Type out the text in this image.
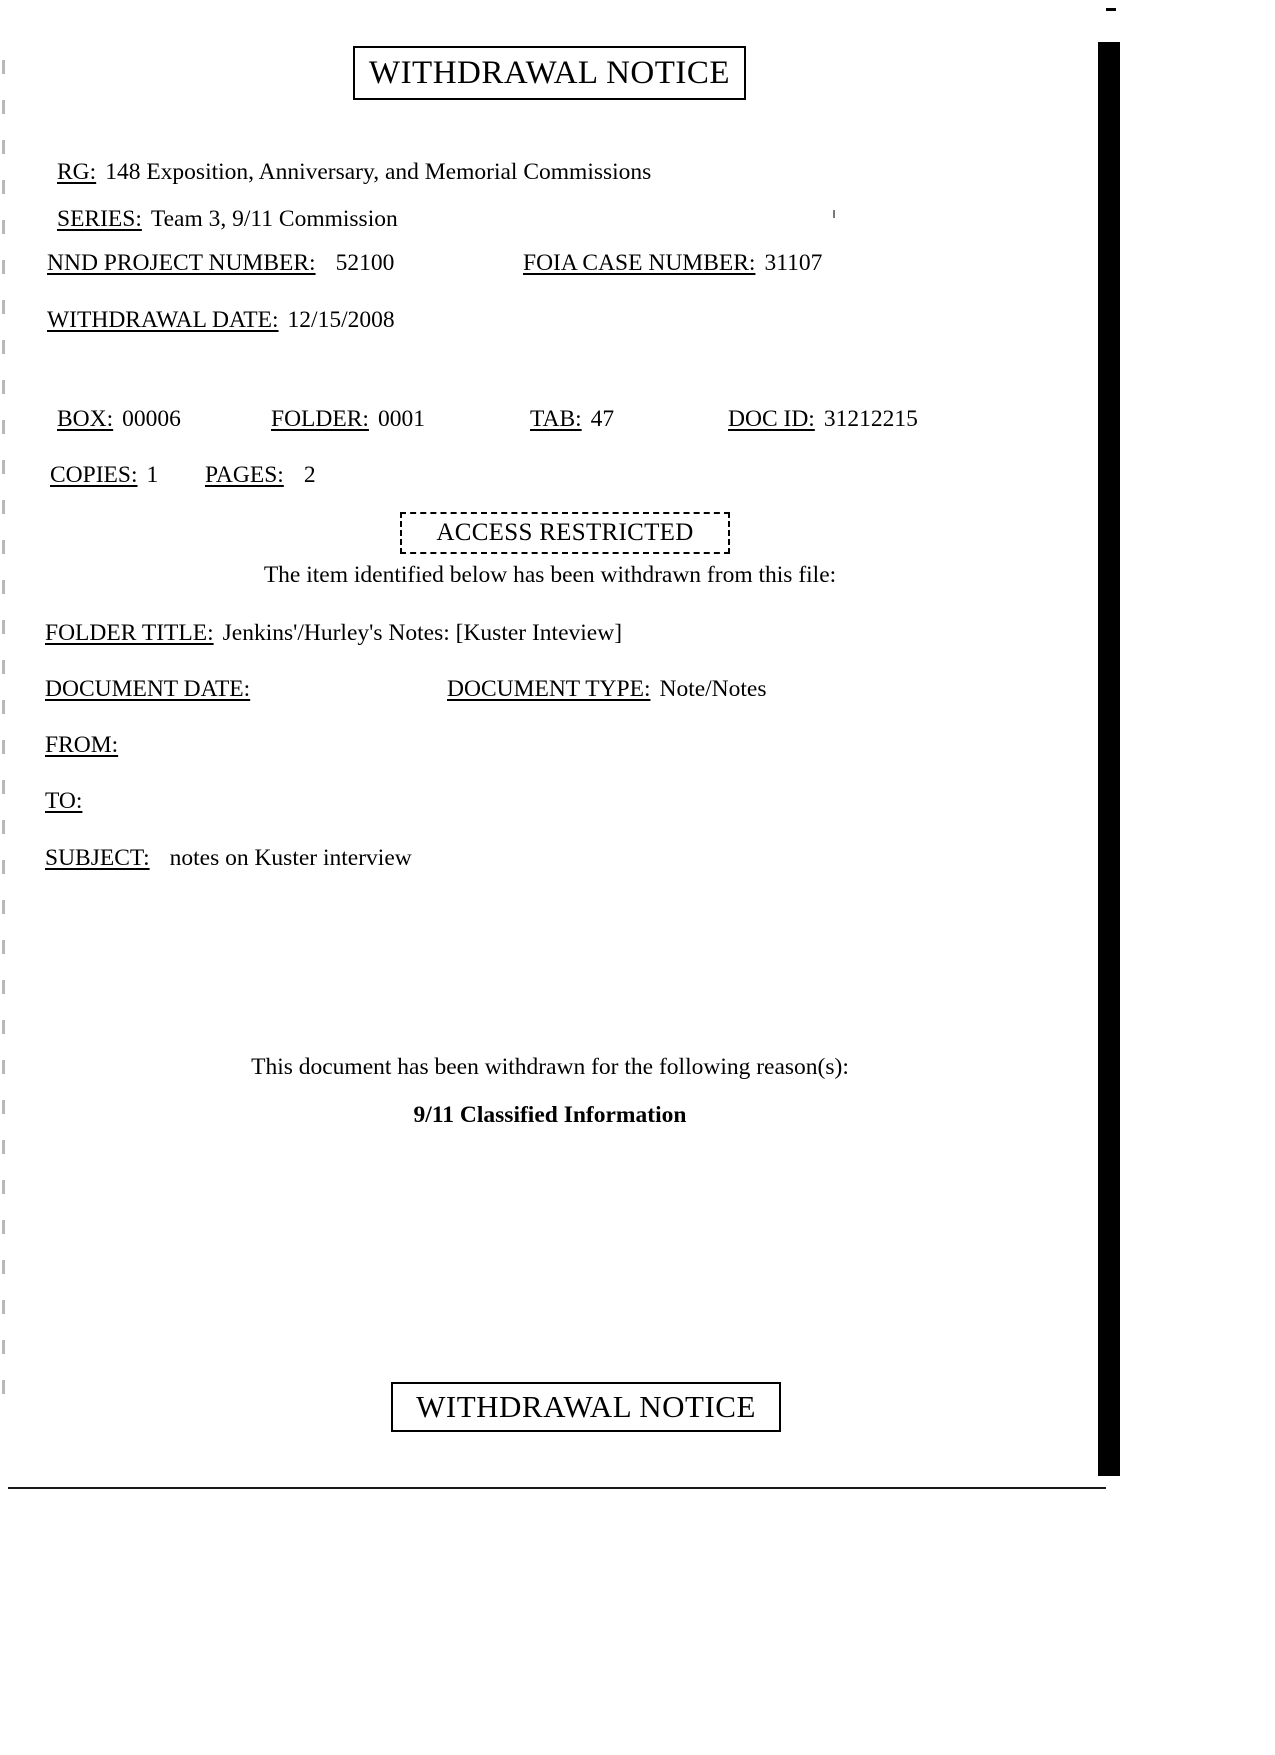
WITHDRAWAL NOTICE
RG: 148 Exposition, Anniversary, and Memorial Commissions
SERIES: Team 3, 9/11 Commission
NND PROJECT NUMBER: 52100	FOIA CASE NUMBER: 31107
WITHDRAWAL DATE: 12/15/2008
BOX: 00006	FOLDER: 0001	TAB: 47	DOC ID: 31212215
COPIES: 1 PAGES: 2
ACCESS RESTRICTED
The item identified below has been withdrawn from this file:
FOLDER TITLE: Jenkins'/Hurley's Notes: [Kuster Inteview]
DOCUMENT DATE:	DOCUMENT TYPE: Note/Notes
FROM:
TO:
SUBJECT: notes on Kuster interview
This document has been withdrawn for the following reason(s):
9/11 Classified Information
WITHDRAWAL NOTICE
